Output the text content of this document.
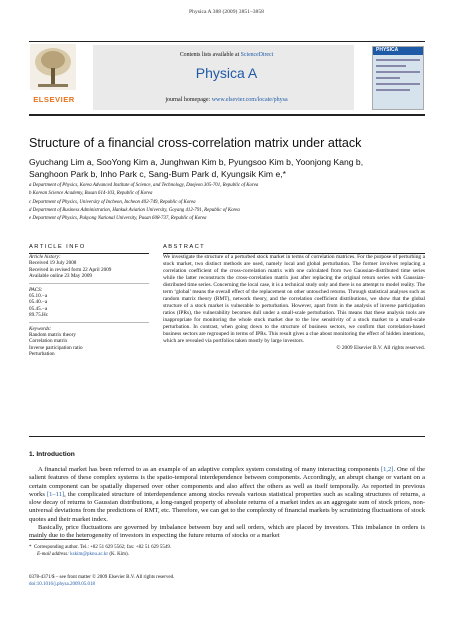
Physica A 388 (2009) 3851–3858
ELSEVIER
Contents lists available at ScienceDirect
Physica A
journal homepage: www.elsevier.com/locate/physa
PHYSICA
Structure of a financial cross-correlation matrix under attack
Gyuchang Lim a, SooYong Kim a, Junghwan Kim b, Pyungsoo Kim b, Yoonjong Kang b,
Sanghoon Park b, Inho Park c, Sang-Bum Park d, Kyungsik Kim e,*
a Department of Physics, Korea Advanced Institute of Science, and Technology, Daejeon 305-701, Republic of Korea
b Korean Science Academy, Busan 614-103, Republic of Korea
c Department of Physics, University of Incheon, Incheon 402-749, Republic of Korea
d Department of Business Administration, Hankuk Aviation University, Goyang 412-791, Republic of Korea
e Department of Physics, Pukyong National University, Pusan 608-737, Republic of Korea
ARTICLE INFO	ABSTRACT
Article history:
Received 19 July 2008
Received in revised form 22 April 2009
Available online 23 May 2009
PACS:
05.10.−a
05.40.−a
05.45.−a
89.75.Hc
Keywords:
Random matrix theory
Correlation matrix
Inverse participation ratio
Perturbation
We investigate the structure of a perturbed stock market in terms of correlation matrices. For the purpose of perturbing a stock market, two distinct methods are used, namely local and global perturbation. The former involves replacing a correlation coefficient of the cross-correlation matrix with one calculated from two Gaussian-distributed time series while the latter reconstructs the cross-correlation matrix just after replacing the original return series with Gaussian-distributed time series. Concerning the local case, it is a technical study only and there is no attempt to model reality. The term ‘global’ means the overall effect of the replacement on other untouched returns. Through statistical analyses such as random matrix theory (RMT), network theory, and the correlation coefficient distributions, we show that the global structure of a stock market is vulnerable to perturbation. However, apart from in the analysis of inverse participation ratios (IPRs), the vulnerability becomes dull under a small-scale perturbation. This means that these analysis tools are inappropriate for monitoring the whole stock market due to the low sensitivity of a stock market to a small-scale perturbation. In contrast, when going down to the structure of business sectors, we confirm that correlation-based business sectors are regrouped in terms of IPRs. This result gives a clue about monitoring the effect of hidden intentions, which are revealed via portfolios taken mostly by large investors.
© 2009 Elsevier B.V. All rights reserved.
1. Introduction

A financial market has been referred to as an example of an adaptive complex system consisting of many interacting components [1,2]. One of the salient features of these complex systems is the spatio-temporal interdependence between components. Accordingly, an abrupt change or variant on a certain component can be spatially dispersed over other components and also affect the others as well as itself temporally. As reported in previous works [1–11], the complicated structure of interdependence among stocks reveals various statistical properties such as scaling structures of returns, a slow decay of returns to Gaussian distributions, a long-ranged property of absolute returns of a market index as an aggregate sum of stock prices, non-universal deviations from the predictions of RMT, etc. Therefore, we can get to the complexity of financial markets by scrutinizing fluctuations of stock quotes and their market index.

Basically, price fluctuations are governed by imbalance between buy and sell orders, which are placed by investors. This imbalance in orders is mainly due to the heterogeneity of investors in expecting the future returns of stocks or a market

* Corresponding author. Tel.: +82 51 629 5562; fax: +82 51 629 5549.
E-mail address: kskim@pknu.ac.kr (K. Kim).
0378-4371/$ – see front matter © 2009 Elsevier B.V. All rights reserved.
doi:10.1016/j.physa.2009.05.018
